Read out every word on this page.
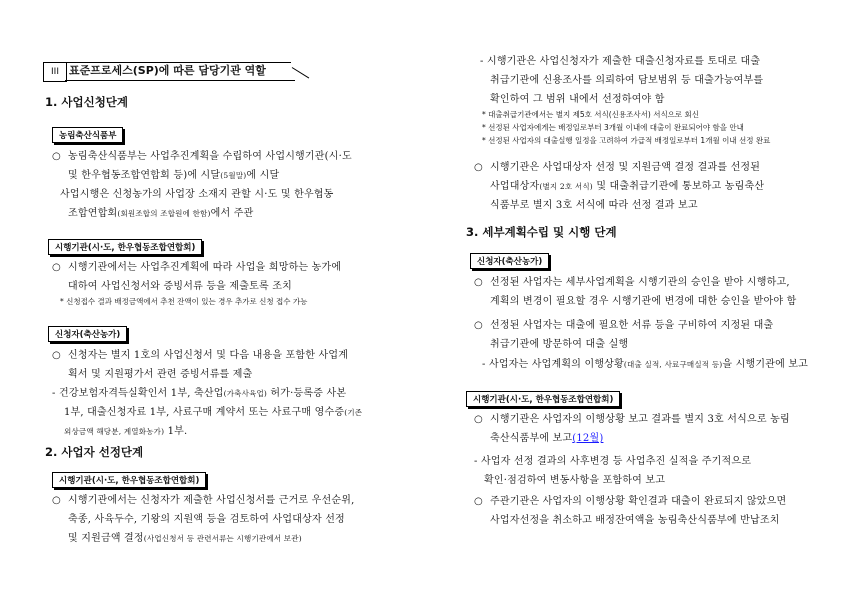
III 표준프로세스(SP)에 따른 담당기관 역할
1. 사업신청단계
농림축산식품부
○ 농림축산식품부는 사업추진계획을 수립하여 사업시행기관(시·도
및 한우협동조합연합회 등)에 시달(5월말)에 시달
사업시행은 신청농가의 사업장 소재지 관할 시·도 및 한우협동
조합연합회(회원조합의 조합원에 한함)에서 주관
시행기관(시·도, 한우협동조합연합회)
○ 시행기관에서는 사업추진계획에 따라 사업을 희망하는 농가에
대하여 사업신청서와 증빙서류 등을 제출토록 조치
* 신청접수 결과 배정금액에서 추천 잔액이 있는 경우 추가로 신청 접수 가능
신청자(축산농가)
○ 신청자는 별지 1호의 사업신청서 및 다음 내용을 포함한 사업계
획서 및 지원평가서 관련 증빙서류를 제출
- 건강보험자격득실확인서 1부, 축산업(가축사육업) 허가·등록증 사본
1부, 대출신청자료 1부, 사료구매 계약서 또는 사료구매 영수증(기존
외상금액 해당분, 계열화농가) 1부.
2. 사업자 선정단계
시행기관(시·도, 한우협동조합연합회)
○ 시행기관에서는 신청자가 제출한 사업신청서를 근거로 우선순위,
축종, 사육두수, 기왕의 지원액 등을 검토하여 사업대상자 선정
및 지원금액 결정(사업신청서 등 관련서류는 시행기관에서 보관)
- 시행기관은 사업신청자가 제출한 대출신청자료를 토대로 대출
취급기관에 신용조사를 의뢰하여 담보범위 등 대출가능여부를
확인하여 그 범위 내에서 선정하여야 함
* 대출취급기관에서는 별지 제5호 서식(신용조사서) 서식으로 회신
* 선정된 사업자에게는 배정일로부터 3개월 이내에 대출이 완료되어야 함을 안내
* 선정된 사업자의 대출실행 일정을 고려하여 가급적 배정일로부터 1개월 이내 선정 완료
○ 시행기관은 사업대상자 선정 및 지원금액 결정 결과를 선정된
사업대상자(별지 2호 서식) 및 대출취급기관에 통보하고 농림축산
식품부로 별지 3호 서식에 따라 선정 결과 보고
3. 세부계획수립 및 시행 단계
신청자(축산농가)
○ 선정된 사업자는 세부사업계획을 시행기관의 승인을 받아 시행하고,
계획의 변경이 필요할 경우 시행기관에 변경에 대한 승인을 받아야 함
○ 선정된 사업자는 대출에 필요한 서류 등을 구비하여 지정된 대출
취급기관에 방문하여 대출 실행
- 사업자는 사업계획의 이행상황(대출 실적, 사료구매실적 등)을 시행기관에 보고
시행기관(시·도, 한우협동조합연합회)
○ 시행기관은 사업자의 이행상황 보고 결과를 별지 3호 서식으로 농림
축산식품부에 보고(12월)
- 사업자 선정 결과의 사후변경 등 사업추진 실적을 주기적으로
확인·점검하여 변동사항을 포함하여 보고
○ 주관기관은 사업자의 이행상황 확인결과 대출이 완료되지 않았으면
사업자선정을 취소하고 배정잔여액을 농림축산식품부에 반납조치
